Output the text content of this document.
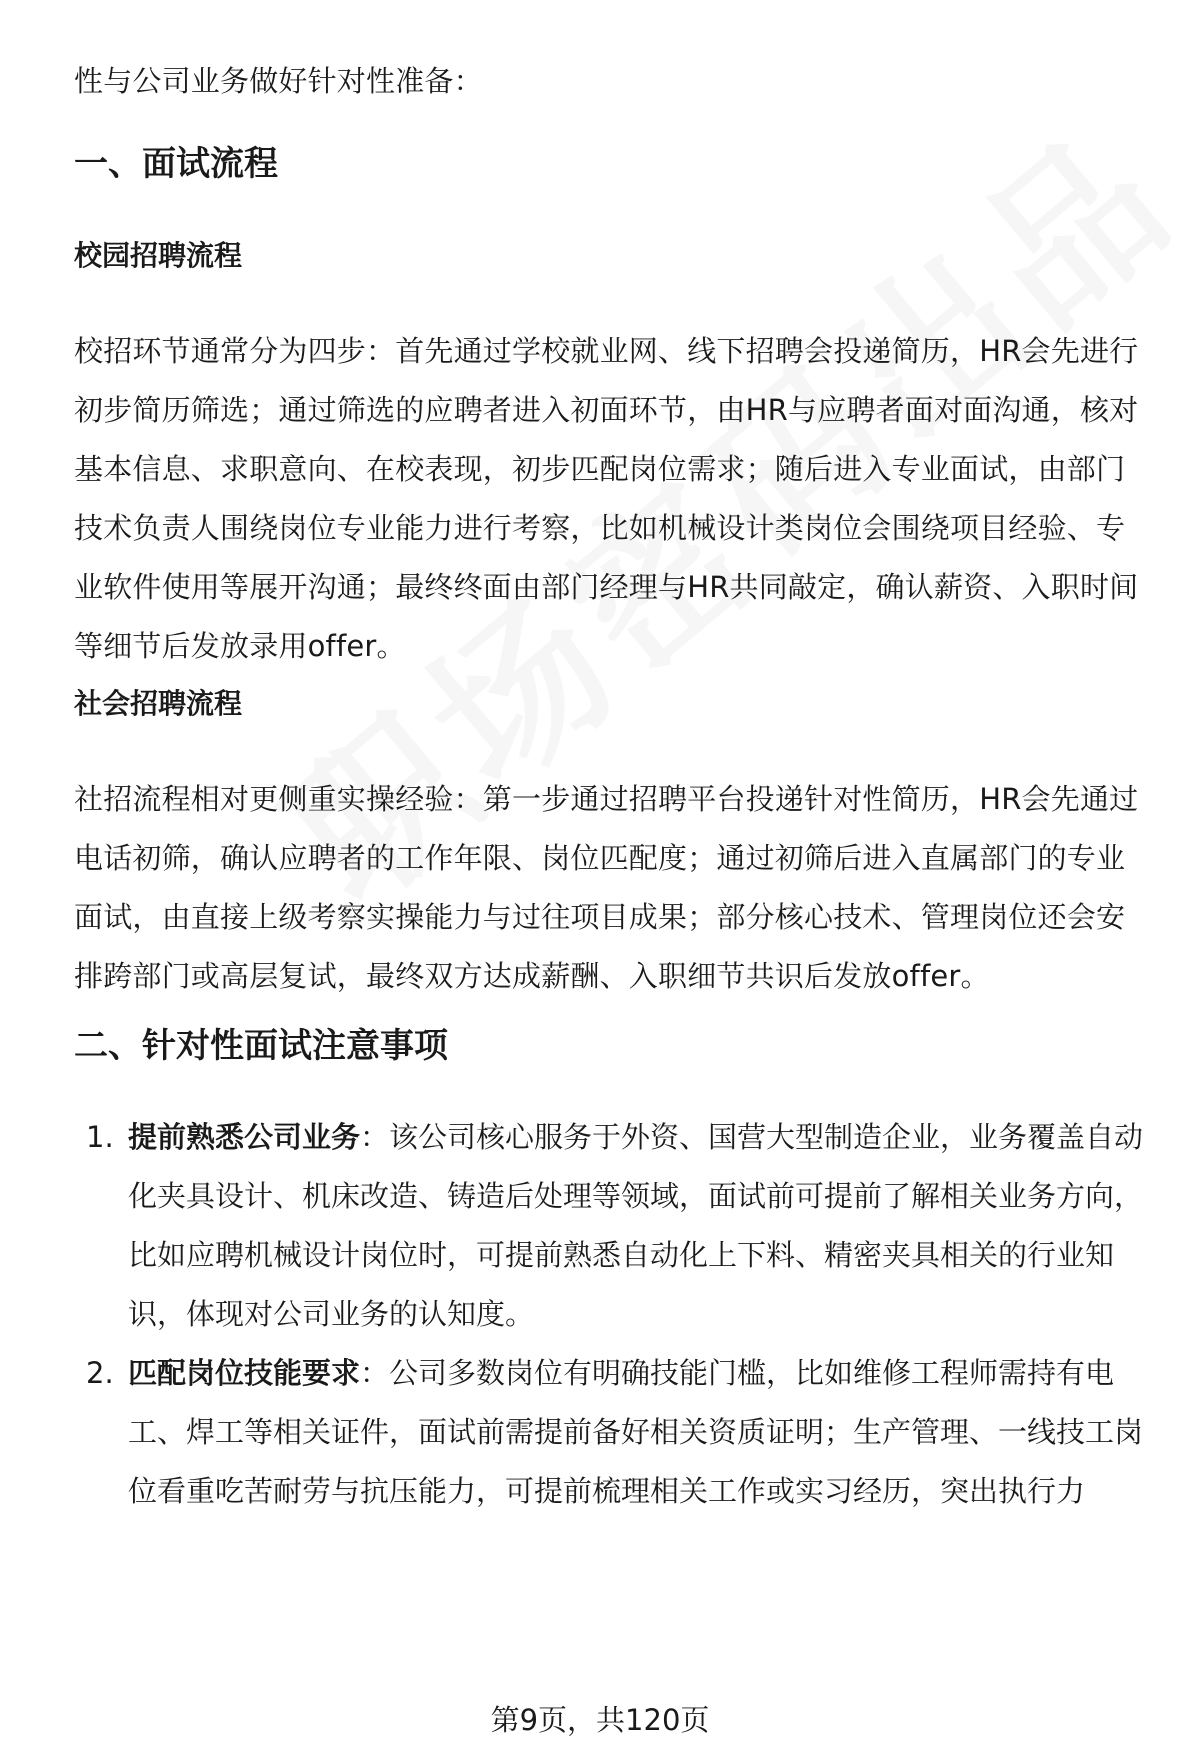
性与公司业务做好针对性准备：

一、面试流程
校园招聘流程

校招环节通常分为四步：首先通过学校就业网、线下招聘会投递简历，HR会先进行初步简历筛选；通过筛选的应聘者进入初面环节，由HR与应聘者面对面沟通，核对基本信息、求职意向、在校表现，初步匹配岗位需求；随后进入专业面试，由部门技术负责人围绕岗位专业能力进行考察，比如机械设计类岗位会围绕项目经验、专业软件使用等展开沟通；最终终面由部门经理与HR共同敲定，确认薪资、入职时间等细节后发放录用offer。

社会招聘流程

社招流程相对更侧重实操经验：第一步通过招聘平台投递针对性简历，HR会先通过电话初筛，确认应聘者的工作年限、岗位匹配度；通过初筛后进入直属部门的专业面试，由直接上级考察实操能力与过往项目成果；部分核心技术、管理岗位还会安排跨部门或高层复试，最终双方达成薪酬、入职细节共识后发放offer。

二、针对性面试注意事项
1. 提前熟悉公司业务：该公司核心服务于外资、国营大型制造企业，业务覆盖自动化夹具设计、机床改造、铸造后处理等领域，面试前可提前了解相关业务方向，比如应聘机械设计岗位时，可提前熟悉自动化上下料、精密夹具相关的行业知识，体现对公司业务的认知度。
2. 匹配岗位技能要求：公司多数岗位有明确技能门槛，比如维修工程师需持有电工、焊工等相关证件，面试前需提前备好相关资质证明；生产管理、一线技工岗位看重吃苦耐劳与抗压能力，可提前梳理相关工作或实习经历，突出执行力
第9页，共120页
